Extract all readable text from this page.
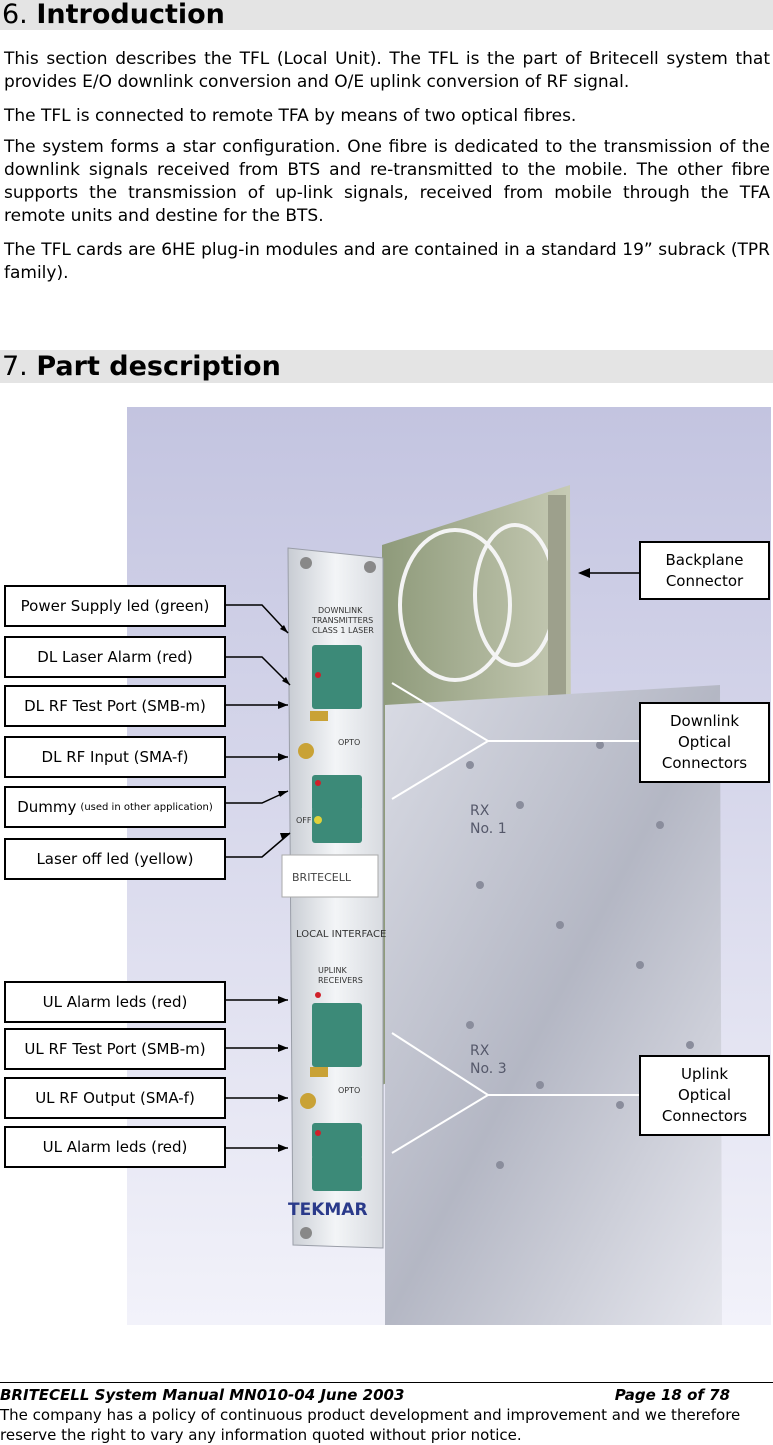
6. Introduction

This section describes the TFL (Local Unit). The TFL is the part of Britecell system that provides E/O downlink conversion and O/E uplink conversion of RF signal.

The TFL is connected to remote TFA by means of two optical fibres.

The system forms a star configuration. One fibre is dedicated to the transmission of the downlink signals received from BTS and re-transmitted to the mobile. The other fibre supports the transmission of up-link signals, received from mobile through the TFA remote units and destine for the BTS.

The TFL cards are 6HE plug-in modules and are contained in a standard 19” subrack (TPR family).

7. Part description
RX
No. 1
RX
No. 3
DOWNLINK
TRANSMITTERS
CLASS 1 LASER
OPTO
OFF
BRITECELL
LOCAL INTERFACE
UPLINK
RECEIVERS
OPTO
TEKMAR
Power Supply led (green)
DL Laser Alarm (red)
DL RF Test Port (SMB-m)
DL RF Input (SMA-f)
Dummy (used in other application)
Laser off led (yellow)
UL Alarm leds (red)
UL RF Test Port (SMB-m)
UL RF Output (SMA-f)
UL Alarm leds (red)
Backplane
Connector
Downlink
Optical
Connectors
Uplink
Optical
Connectors
BRITECELL System Manual MN010-04 June 2003	Page 18 of 78
The company has a policy of continuous product development and improvement and we therefore reserve the right to vary any information quoted without prior notice.
